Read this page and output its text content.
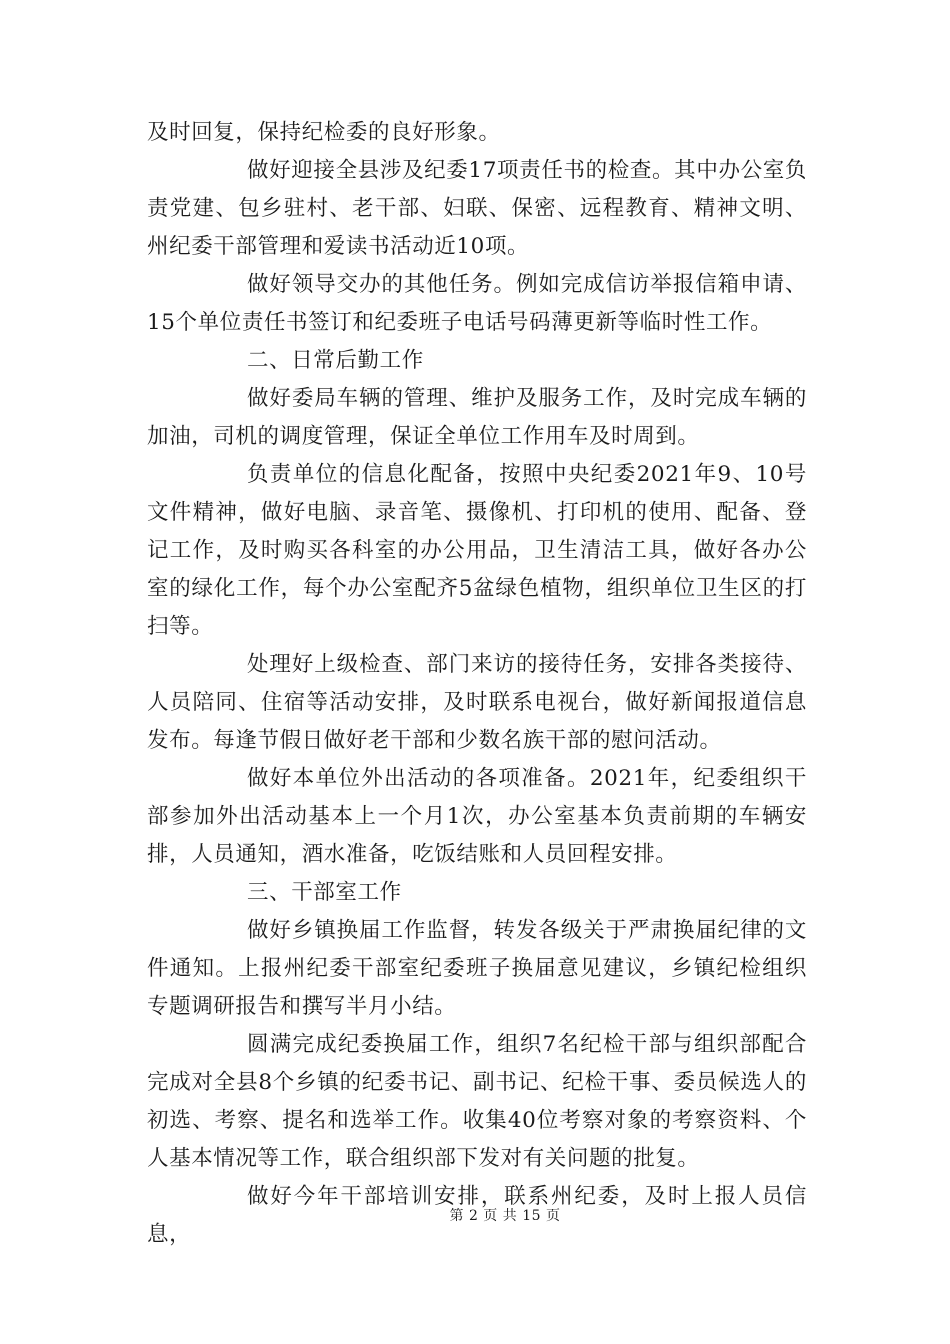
及时回复，保持纪检委的良好形象。

做好迎接全县涉及纪委17项责任书的检查。其中办公室负责党建、包乡驻村、老干部、妇联、保密、远程教育、精神文明、州纪委干部管理和爱读书活动近10项。

做好领导交办的其他任务。例如完成信访举报信箱申请、15个单位责任书签订和纪委班子电话号码薄更新等临时性工作。

二、日常后勤工作

做好委局车辆的管理、维护及服务工作，及时完成车辆的加油，司机的调度管理，保证全单位工作用车及时周到。

负责单位的信息化配备，按照中央纪委2021年9、10号文件精神，做好电脑、录音笔、摄像机、打印机的使用、配备、登记工作，及时购买各科室的办公用品，卫生清洁工具，做好各办公室的绿化工作，每个办公室配齐5盆绿色植物，组织单位卫生区的打扫等。

处理好上级检查、部门来访的接待任务，安排各类接待、人员陪同、住宿等活动安排，及时联系电视台，做好新闻报道信息发布。每逢节假日做好老干部和少数名族干部的慰问活动。

做好本单位外出活动的各项准备。2021年，纪委组织干部参加外出活动基本上一个月1次，办公室基本负责前期的车辆安排，人员通知，酒水准备，吃饭结账和人员回程安排。

三、干部室工作

做好乡镇换届工作监督，转发各级关于严肃换届纪律的文件通知。上报州纪委干部室纪委班子换届意见建议，乡镇纪检组织专题调研报告和撰写半月小结。

圆满完成纪委换届工作，组织7名纪检干部与组织部配合完成对全县8个乡镇的纪委书记、副书记、纪检干事、委员候选人的初选、考察、提名和选举工作。收集40位考察对象的考察资料、个人基本情况等工作，联合组织部下发对有关问题的批复。

做好今年干部培训安排，联系州纪委，及时上报人员信息，

第 2 页 共 15 页
